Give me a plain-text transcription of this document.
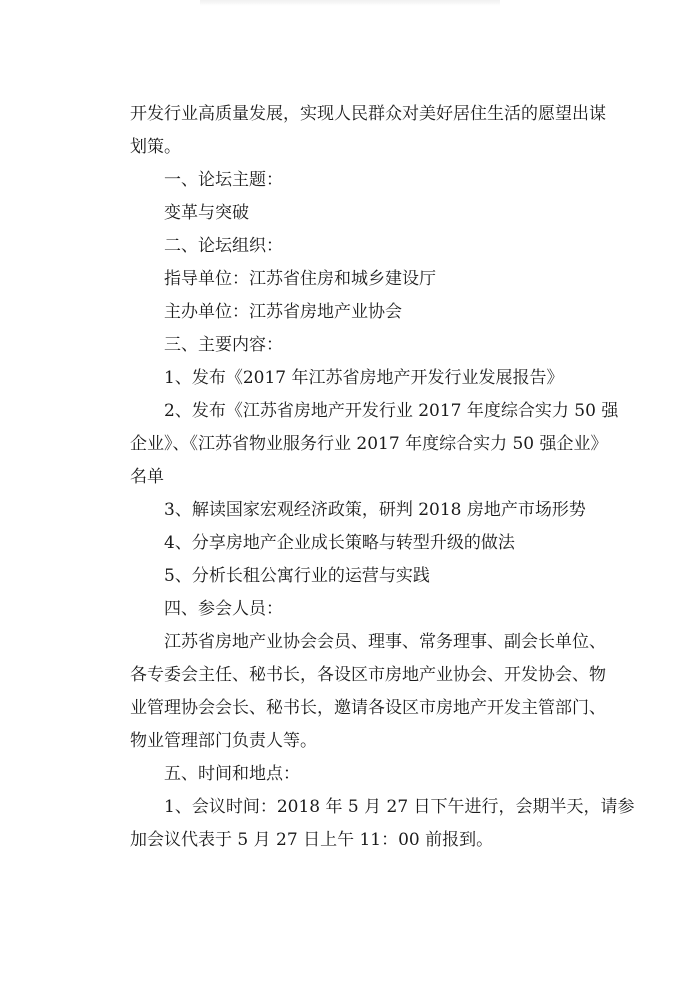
开发行业高质量发展，实现人民群众对美好居住生活的愿望出谋

划策。

一、论坛主题：

变革与突破

二、论坛组织：

指导单位：江苏省住房和城乡建设厅

主办单位：江苏省房地产业协会

三、主要内容：

1、发布《2017 年江苏省房地产开发行业发展报告》

2、发布《江苏省房地产开发行业 2017 年度综合实力 50 强

企业》、《江苏省物业服务行业 2017 年度综合实力 50 强企业》

名单

3、解读国家宏观经济政策，研判 2018 房地产市场形势

4、分享房地产企业成长策略与转型升级的做法

5、分析长租公寓行业的运营与实践

四、参会人员：

江苏省房地产业协会会员、理事、常务理事、副会长单位、

各专委会主任、秘书长，各设区市房地产业协会、开发协会、物

业管理协会会长、秘书长，邀请各设区市房地产开发主管部门、

物业管理部门负责人等。

五、时间和地点：

1、会议时间：2018 年 5 月 27 日下午进行，会期半天，请参

加会议代表于 5 月 27 日上午 11：00 前报到。
